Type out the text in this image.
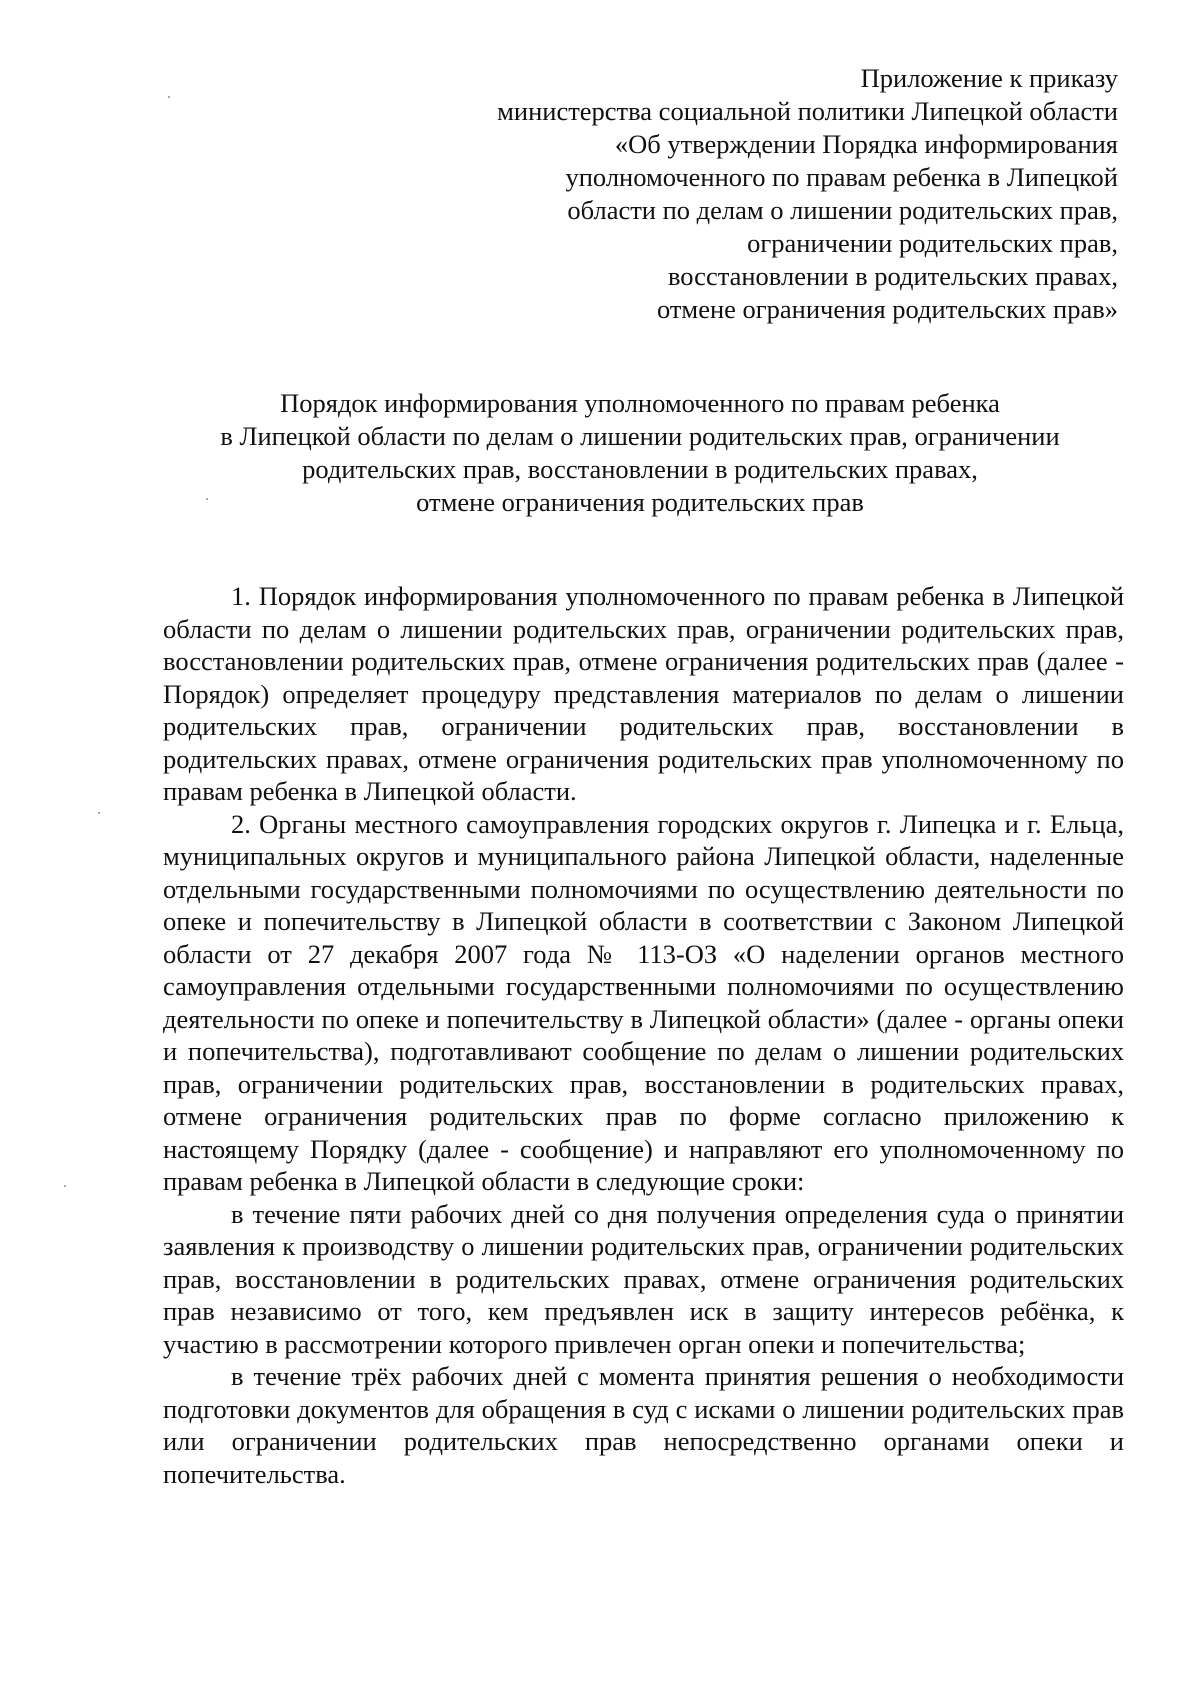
Приложение к приказу
министерства социальной политики Липецкой области
«Об утверждении Порядка информирования
уполномоченного по правам ребенка в Липецкой
области по делам о лишении родительских прав,
ограничении родительских прав,
восстановлении в родительских правах,
отмене ограничения родительских прав»
Порядок информирования уполномоченного по правам ребенка
в Липецкой области по делам о лишении родительских прав, ограничении
родительских прав, восстановлении в родительских правах,
отмене ограничения родительских прав

1. Порядок информирования уполномоченного по правам ребенка в Липецкой области по делам о лишении родительских прав, ограничении родительских прав, восстановлении родительских прав, отмене ограничения родительских прав (далее - Порядок) определяет процедуру представления материалов по делам о лишении родительских прав, ограничении родительских прав, восстановлении в родительских правах, отмене ограничения родительских прав уполномоченному по правам ребенка в Липецкой области.

2. Органы местного самоуправления городских округов г. Липецка и г. Ельца, муниципальных округов и муниципального района Липецкой области, наделенные отдельными государственными полномочиями по осуществлению деятельности по опеке и попечительству в Липецкой области в соответствии с Законом Липецкой области от 27 декабря 2007 года № 113-ОЗ «О наделении органов местного самоуправления отдельными государственными полномочиями по осуществлению деятельности по опеке и попечительству в Липецкой области» (далее - органы опеки и попечительства), подготавливают сообщение по делам о лишении родительских прав, ограничении родительских прав, восстановлении в родительских правах, отмене ограничения родительских прав по форме согласно приложению к настоящему Порядку (далее - сообщение) и направляют его уполномоченному по правам ребенка в Липецкой области в следующие сроки:

в течение пяти рабочих дней со дня получения определения суда о принятии заявления к производству о лишении родительских прав, ограничении родительских прав, восстановлении в родительских правах, отмене ограничения родительских прав независимо от того, кем предъявлен иск в защиту интересов ребёнка, к участию в рассмотрении которого привлечен орган опеки и попечительства;

в течение трёх рабочих дней с момента принятия решения о необходимости подготовки документов для обращения в суд с исками о лишении родительских прав или ограничении родительских прав непосредственно органами опеки и попечительства.
